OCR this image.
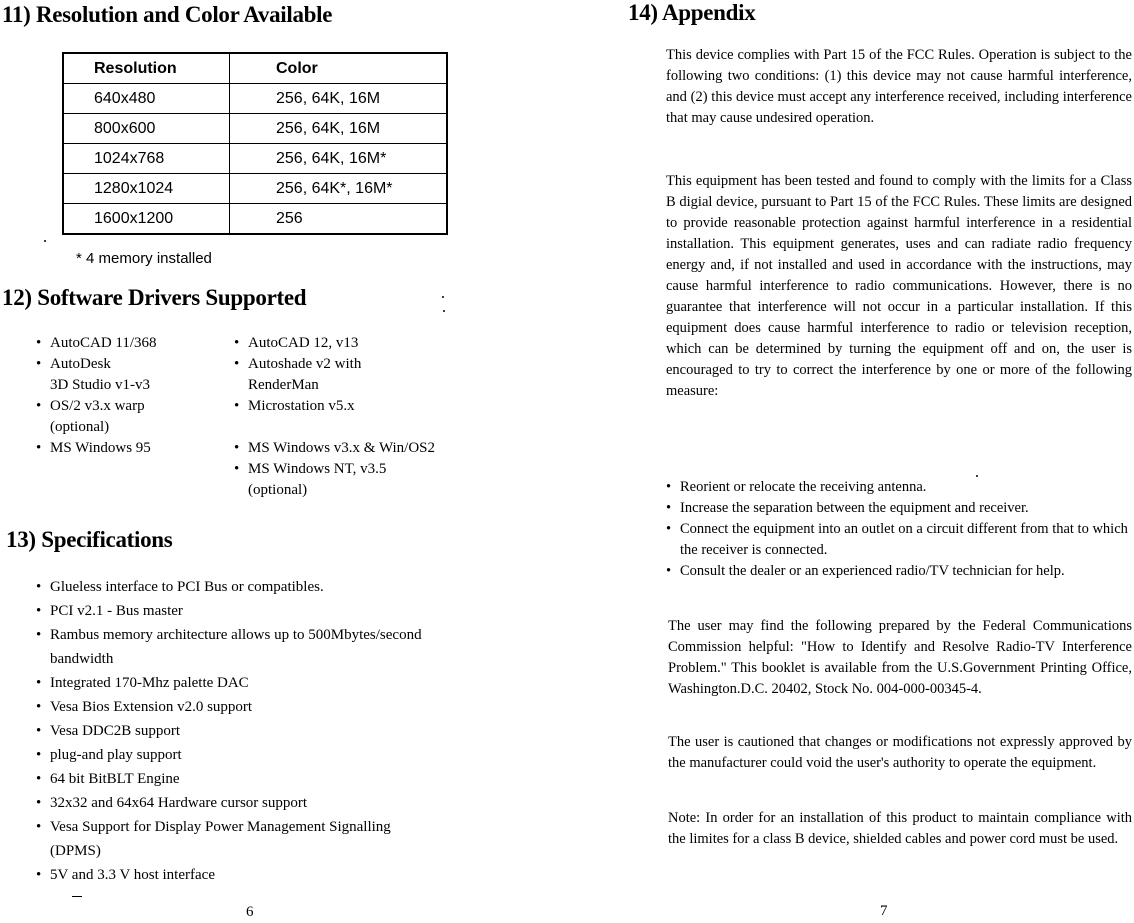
11) Resolution and Color Available
Resolution	Color
640x480	256, 64K, 16M
800x600	256, 64K, 16M
1024x768	256, 64K, 16M*
1280x1024	256, 64K*, 16M*
1600x1200	256
* 4 memory installed
12) Software Drivers Supported
• AutoCAD 11/368
• AutoDesk
3D Studio v1-v3
• OS/2 v3.x warp
(optional)
• MS Windows 95
• AutoCAD 12, v13
• Autoshade v2 with
RenderMan
• Microstation v5.x
• MS Windows v3.x & Win/OS2
• MS Windows NT, v3.5
(optional)
13) Specifications
• Glueless interface to PCI Bus or compatibles.
• PCI v2.1 - Bus master
• Rambus memory architecture allows up to 500Mbytes/second
bandwidth
• Integrated 170-Mhz palette DAC
• Vesa Bios Extension v2.0 support
• Vesa DDC2B support
• plug-and play support
• 64 bit BitBLT Engine
• 32x32 and 64x64 Hardware cursor support
• Vesa Support for Display Power Management Signalling
(DPMS)
• 5V and 3.3 V host interface
6
14) Appendix

This device complies with Part 15 of the FCC Rules. Operation is subject to the following two conditions: (1) this device may not cause harmful interference, and (2) this device must accept any interference received, including interference that may cause undesired operation.

This equipment has been tested and found to comply with the limits for a Class B digial device, pursuant to Part 15 of the FCC Rules. These limits are designed to provide reasonable protection against harmful interference in a residential installation. This equipment generates, uses and can radiate radio frequency energy and, if not installed and used in accordance with the instructions, may cause harmful interference to radio communications. However, there is no guarantee that interference will not occur in a particular installation. If this equipment does cause harmful interference to radio or television reception, which can be determined by turning the equipment off and on, the user is encouraged to try to correct the interference by one or more of the following measure:

• Reorient or relocate the receiving antenna.
• Increase the separation between the equipment and receiver.
• Connect the equipment into an outlet on a circuit different from that to which the receiver is connected.
• Consult the dealer or an experienced radio/TV technician for help.

The user may find the following prepared by the Federal Communications Commission helpful: "How to Identify and Resolve Radio-TV Interference Problem." This booklet is available from the U.S.Government Printing Office, Washington.D.C. 20402, Stock No. 004-000-00345-4.

The user is cautioned that changes or modifications not expressly approved by the manufacturer could void the user's authority to operate the equipment.

Note: In order for an installation of this product to maintain compliance with the limites for a class B device, shielded cables and power cord must be used.

7
